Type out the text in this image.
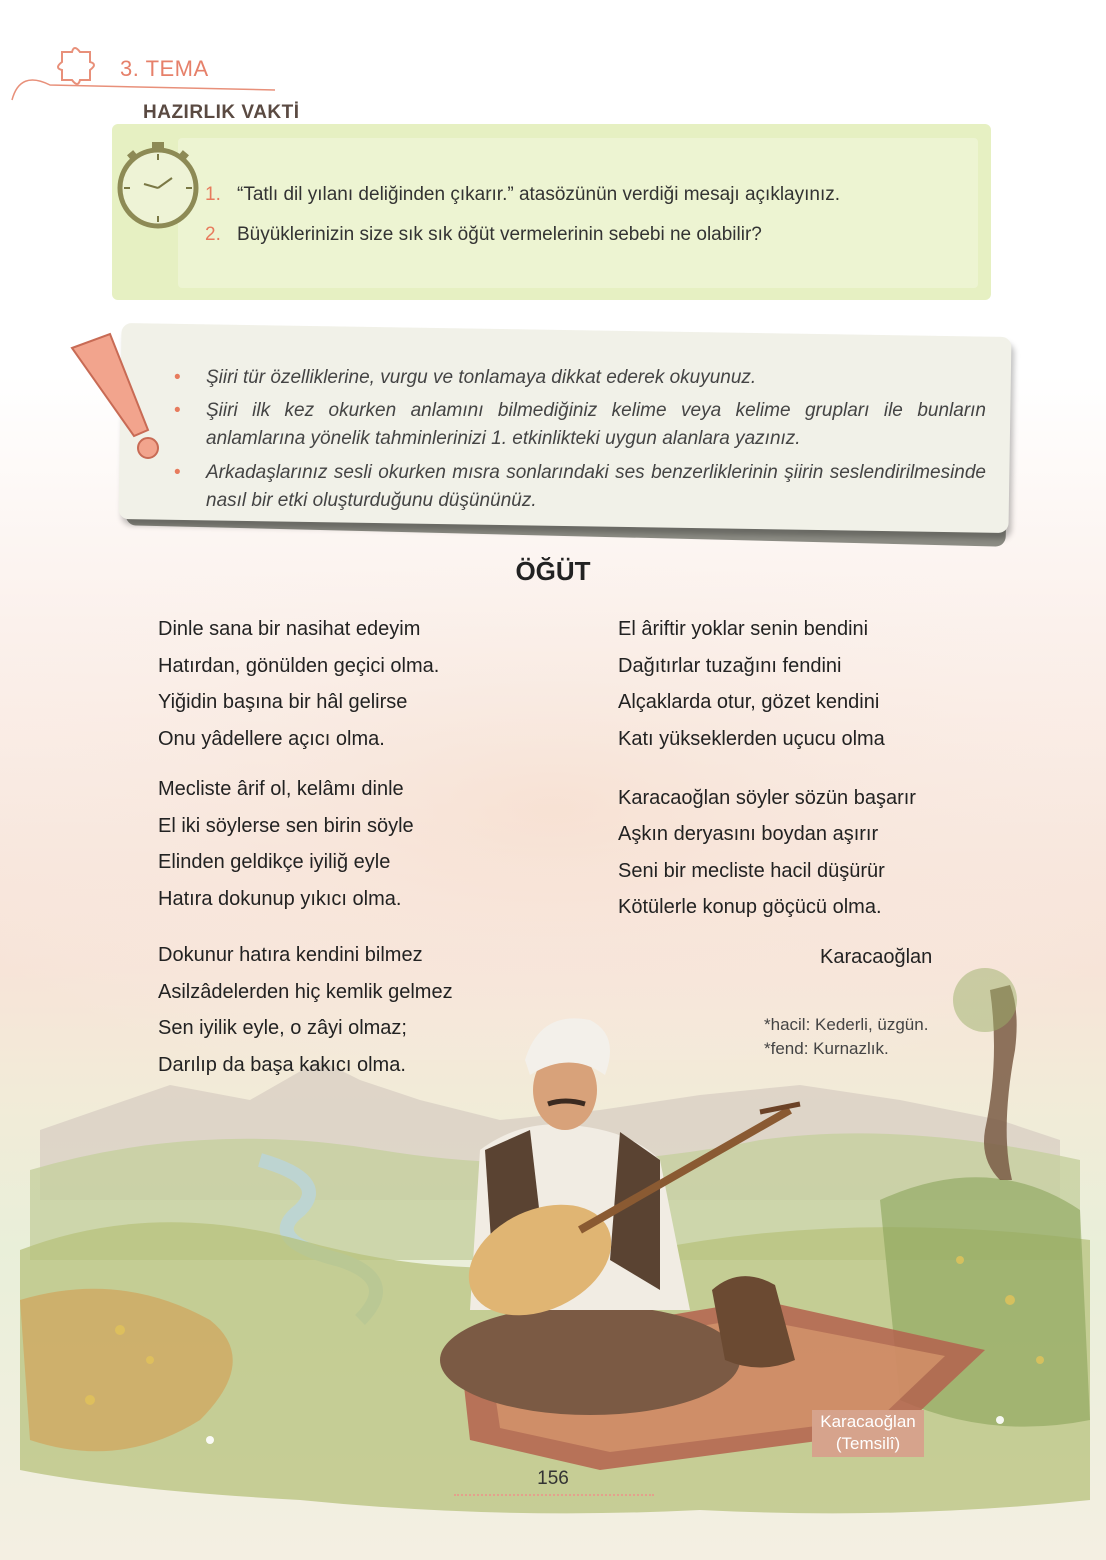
3. TEMA
HAZIRLIK VAKTİ
1. “Tatlı dil yılanı deliğinden çıkarır.” atasözünün verdiği mesajı açıklayınız.
2. Büyüklerinizin size sık sık öğüt vermelerinin sebebi ne olabilir?
• Şiiri tür özelliklerine, vurgu ve tonlamaya dikkat ederek okuyunuz.
• Şiiri ilk kez okurken anlamını bilmediğiniz kelime veya kelime grupları ile bunların anlamlarına yönelik tahminlerinizi 1. etkinlikteki uygun alanlara yazınız.
• Arkadaşlarınız sesli okurken mısra sonlarındaki ses benzerliklerinin şiirin seslendirilmesinde nasıl bir etki oluşturduğunu düşününüz.
ÖĞÜT
Dinle sana bir nasihat edeyim
Hatırdan, gönülden geçici olma.
Yiğidin başına bir hâl gelirse
Onu yâdellere açıcı olma.
Mecliste ârif ol, kelâmı dinle
El iki söylerse sen birin söyle
Elinden geldikçe iyiliğ eyle
Hatıra dokunup yıkıcı olma.
Dokunur hatıra kendini bilmez
Asilzâdelerden hiç kemlik gelmez
Sen iyilik eyle, o zâyi olmaz;
Darılıp da başa kakıcı olma.
El âriftir yoklar senin bendini
Dağıtırlar tuzağını fendini
Alçaklarda otur, gözet kendini
Katı yükseklerden uçucu olma
Karacaoğlan söyler sözün başarır
Aşkın deryasını boydan aşırır
Seni bir mecliste hacil düşürür
Kötülerle konup göçücü olma.
Karacaoğlan
*hacil: Kederli, üzgün.
*fend: Kurnazlık.
Karacaoğlan
(Temsilî)
156
